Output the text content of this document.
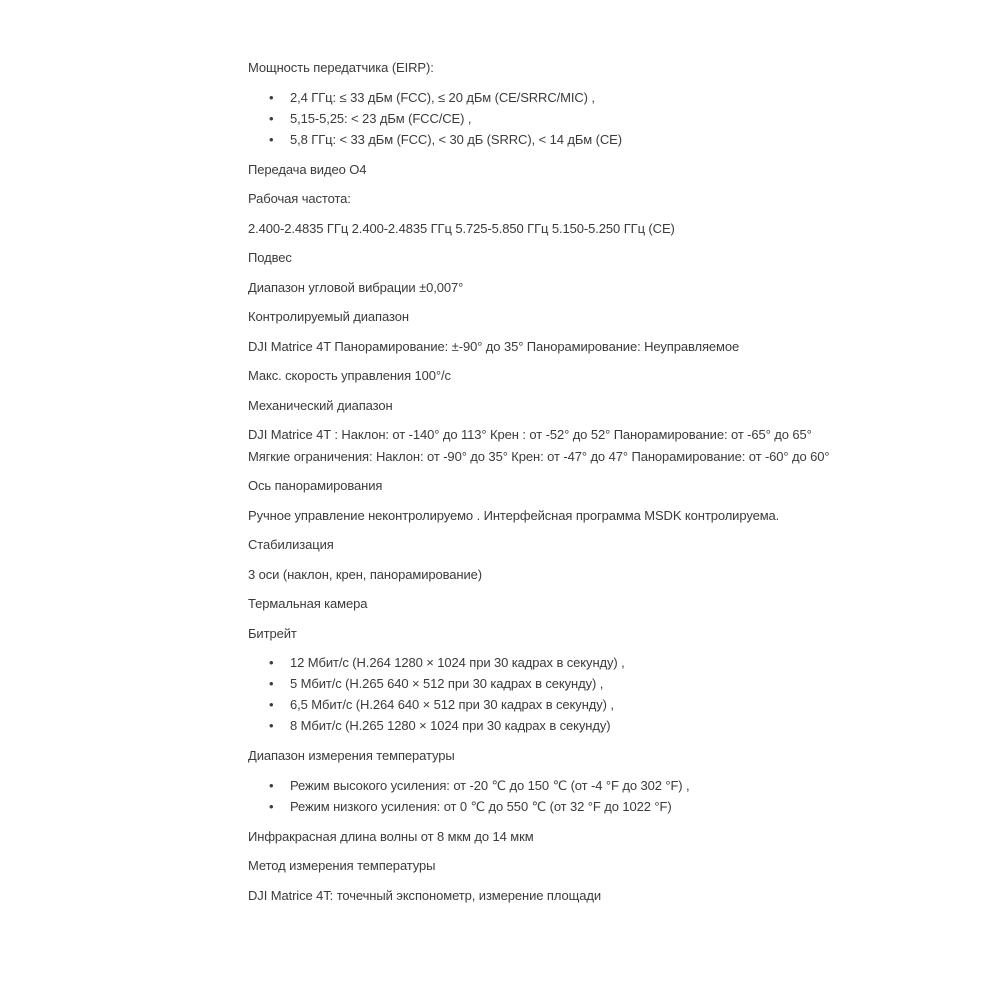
Мощность передатчика (EIRP):

• 2,4 ГГц: ≤ 33 дБм (FCC), ≤ 20 дБм (CE/SRRC/MIC) ,
• 5,15-5,25: < 23 дБм (FCC/CE) ,
• 5,8 ГГц: < 33 дБм (FCC), < 30 дБ (SRRC), < 14 дБм (CE)

Передача видео O4

Рабочая частота:

2.400-2.4835 ГГц 2.400-2.4835 ГГц 5.725-5.850 ГГц 5.150-5.250 ГГц (CE)

Подвес

Диапазон угловой вибрации ±0,007°

Контролируемый диапазон

DJI Matrice 4T Панорамирование: ±-90° до 35° Панорамирование: Неуправляемое

Макс. скорость управления 100°/с

Механический диапазон

DJI Matrice 4T : Наклон: от -140° до 113° Крен : от -52° до 52° Панорамирование: от -65° до 65°
Мягкие ограничения: Наклон: от -90° до 35° Крен: от -47° до 47° Панорамирование: от -60° до 60°

Ось панорамирования

Ручное управление неконтролируемо . Интерфейсная программа MSDK контролируема.

Стабилизация

3 оси (наклон, крен, панорамирование)

Термальная камера

Битрейт

• 12 Мбит/с (H.264 1280 × 1024 при 30 кадрах в секунду) ,
• 5 Мбит/с (H.265 640 × 512 при 30 кадрах в секунду) ,
• 6,5 Мбит/с (H.264 640 × 512 при 30 кадрах в секунду) ,
• 8 Мбит/с (H.265 1280 × 1024 при 30 кадрах в секунду)

Диапазон измерения температуры

• Режим высокого усиления: от -20 ℃ до 150 ℃ (от -4 °F до 302 °F) ,
• Режим низкого усиления: от 0 ℃ до 550 ℃ (от 32 °F до 1022 °F)

Инфракрасная длина волны от 8 мкм до 14 мкм

Метод измерения температуры

DJI Matrice 4T: точечный экспонометр, измерение площади
